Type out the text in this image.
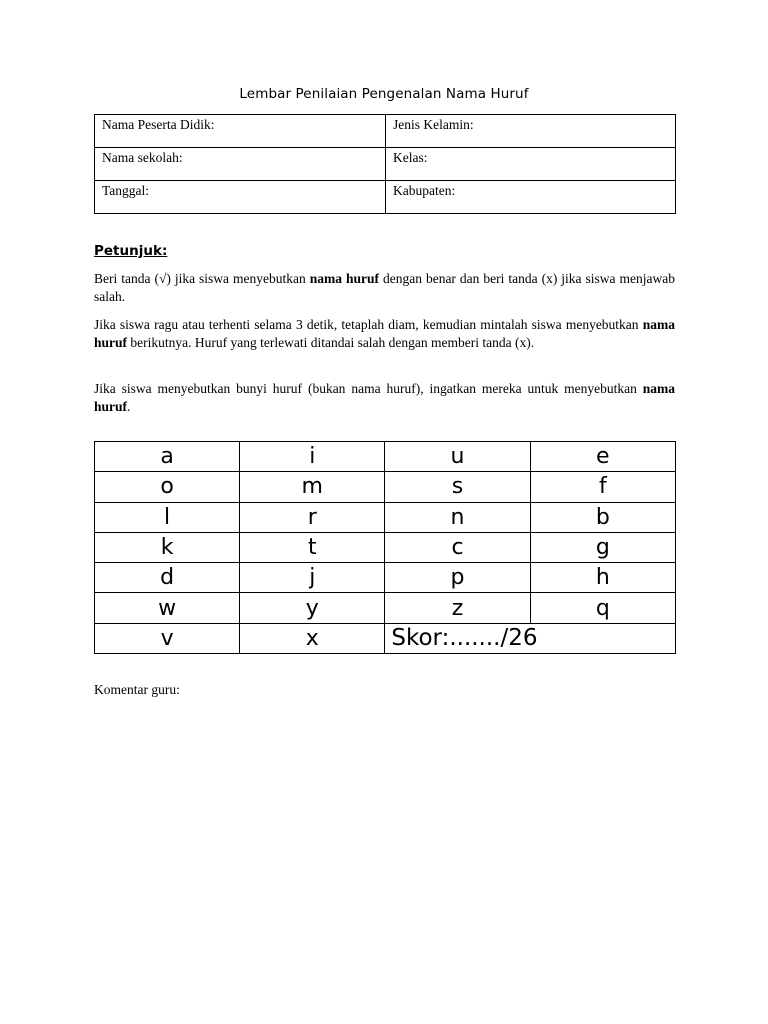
Lembar Penilaian Pengenalan Nama Huruf
Nama Peserta Didik:	Jenis Kelamin:
Nama sekolah:	Kelas:
Tanggal:	Kabupaten:
Petunjuk:
Beri tanda (√) jika siswa menyebutkan nama huruf dengan benar dan beri tanda (x) jika siswa menjawab salah.
Jika siswa ragu atau terhenti selama 3 detik, tetaplah diam, kemudian mintalah siswa menyebutkan nama huruf berikutnya. Huruf yang terlewati ditandai salah dengan memberi tanda (x).
Jika siswa menyebutkan bunyi huruf (bukan nama huruf), ingatkan mereka untuk menyebutkan nama huruf.
a	i	u	e
o	m	s	f
l	r	n	b
k	t	c	g
d	j	p	h
w	y	z	q
v	x	Skor:......./26	
Komentar guru:
